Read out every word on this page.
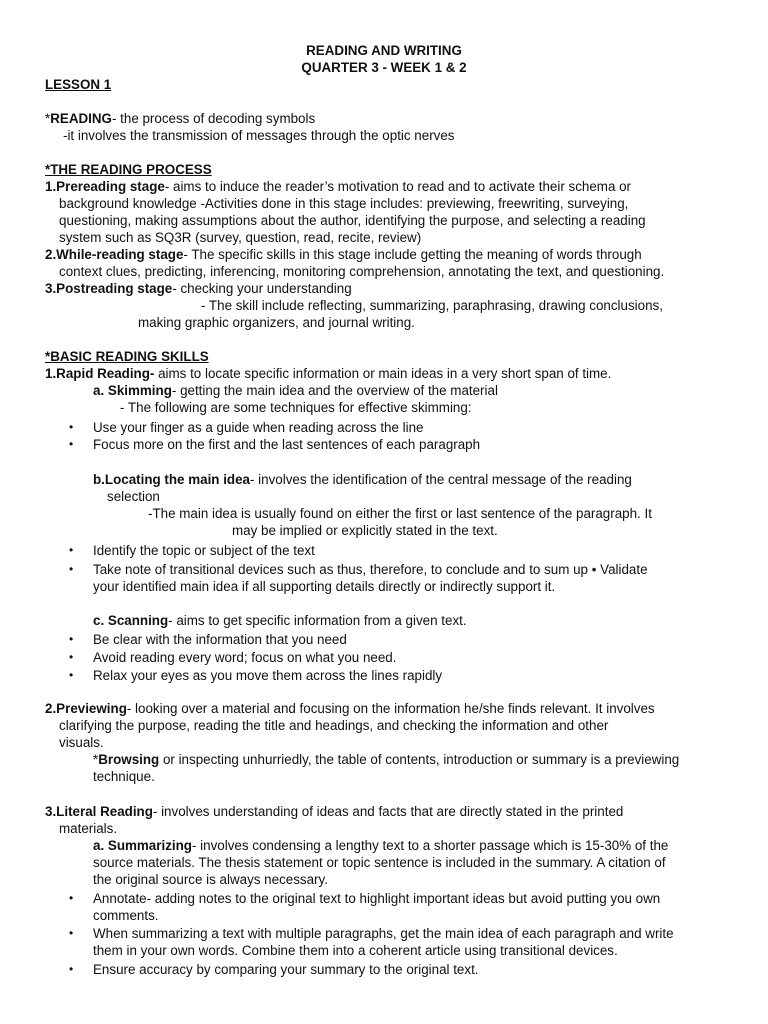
READING AND WRITING
QUARTER 3 - WEEK 1 & 2
LESSON 1
*READING- the process of decoding symbols
-it involves the transmission of messages through the optic nerves
*THE READING PROCESS
1.Prereading stage- aims to induce the reader’s motivation to read and to activate their schema or
background knowledge -Activities done in this stage includes: previewing, freewriting, surveying,
questioning, making assumptions about the author, identifying the purpose, and selecting a reading
system such as SQ3R (survey, question, read, recite, review)
2.While-reading stage- The specific skills in this stage include getting the meaning of words through
context clues, predicting, inferencing, monitoring comprehension, annotating the text, and questioning.
3.Postreading stage- checking your understanding
- The skill include reflecting, summarizing, paraphrasing, drawing conclusions,
making graphic organizers, and journal writing.
*BASIC READING SKILLS
1.Rapid Reading- aims to locate specific information or main ideas in a very short span of time.
a. Skimming- getting the main idea and the overview of the material
- The following are some techniques for effective skimming:
• Use your finger as a guide when reading across the line
• Focus more on the first and the last sentences of each paragraph
b.Locating the main idea- involves the identification of the central message of the reading
selection
-The main idea is usually found on either the first or last sentence of the paragraph. It
may be implied or explicitly stated in the text.
• Identify the topic or subject of the text
• Take note of transitional devices such as thus, therefore, to conclude and to sum up • Validate
your identified main idea if all supporting details directly or indirectly support it.
c. Scanning- aims to get specific information from a given text.
• Be clear with the information that you need
• Avoid reading every word; focus on what you need.
• Relax your eyes as you move them across the lines rapidly
2.Previewing- looking over a material and focusing on the information he/she finds relevant. It involves
clarifying the purpose, reading the title and headings, and checking the information and other
visuals.
*Browsing or inspecting unhurriedly, the table of contents, introduction or summary is a previewing
technique.
3.Literal Reading- involves understanding of ideas and facts that are directly stated in the printed
materials.
a. Summarizing- involves condensing a lengthy text to a shorter passage which is 15-30% of the
source materials. The thesis statement or topic sentence is included in the summary. A citation of
the original source is always necessary.
• Annotate- adding notes to the original text to highlight important ideas but avoid putting you own
comments.
• When summarizing a text with multiple paragraphs, get the main idea of each paragraph and write
them in your own words. Combine them into a coherent article using transitional devices.
• Ensure accuracy by comparing your summary to the original text.
